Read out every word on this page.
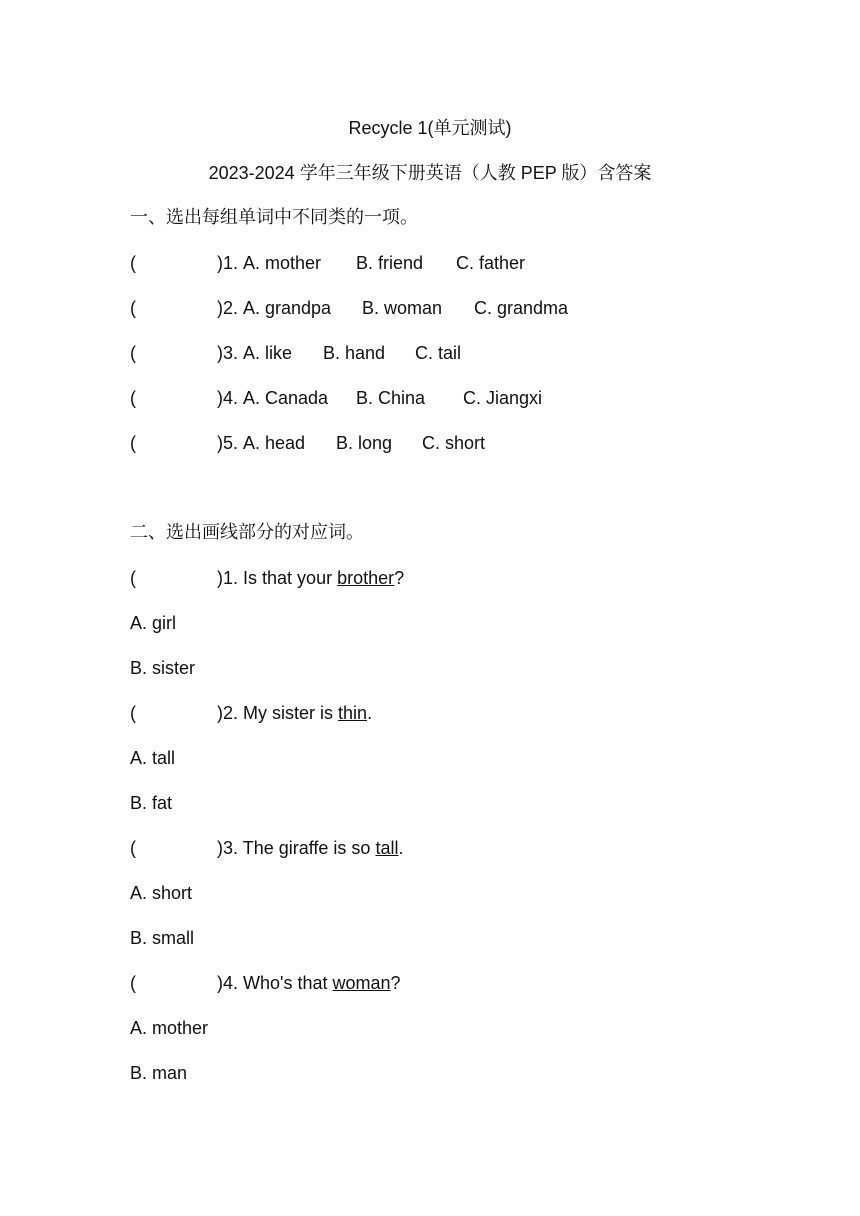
Recycle 1(单元测试)
2023-2024 学年三年级下册英语（人教 PEP 版）含答案
一、选出每组单词中不同类的一项。
(	)1. A. mother B. friend C. father
(	)2. A. grandpa B. woman C. grandma
(	)3. A. like B. hand C. tail
(	)4. A. Canada B. China C. Jiangxi
(	)5. A. head B. long C. short
二、选出画线部分的对应词。
(	)1. Is that your brother?
A. girl
B. sister
(	)2. My sister is thin.
A. tall
B. fat
(	)3. The giraffe is so tall.
A. short
B. small
(	)4. Who's that woman?
A. mother
B. man
